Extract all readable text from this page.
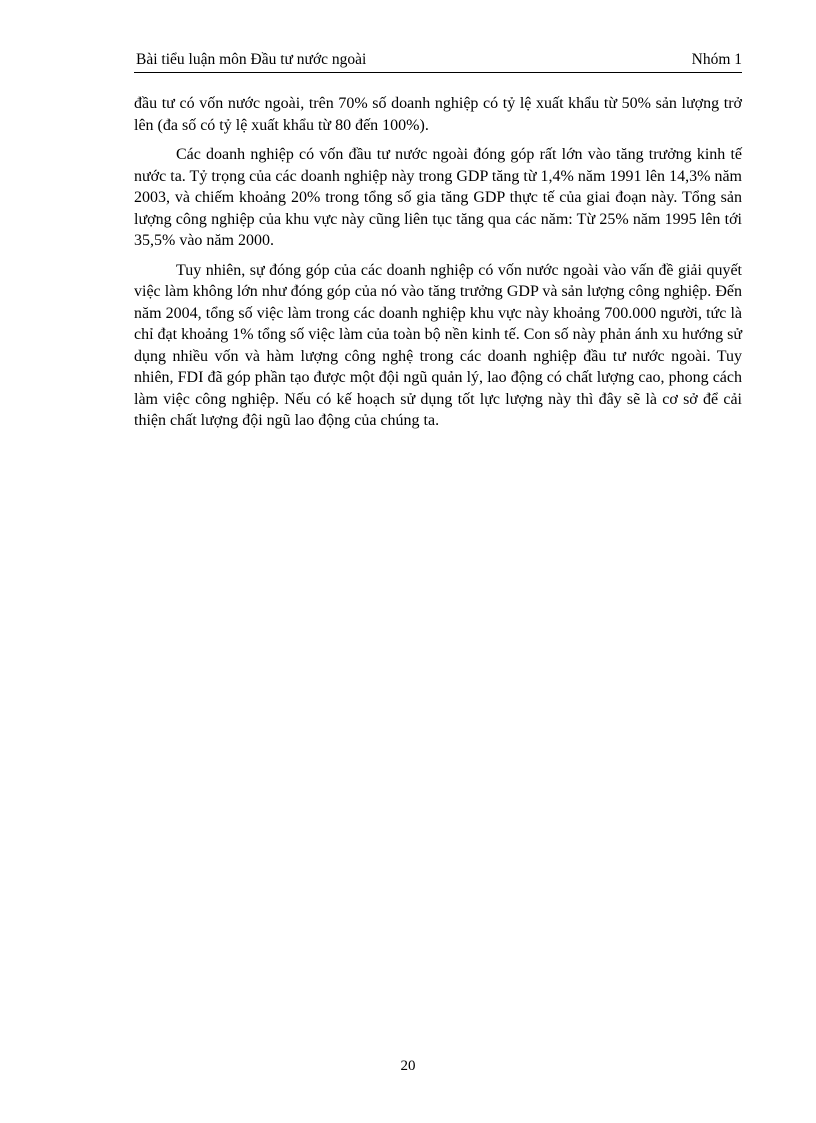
Bài tiểu luận môn Đầu tư nước ngoài	Nhóm 1

đầu tư có vốn nước ngoài, trên 70% số doanh nghiệp có tỷ lệ xuất khẩu từ 50% sản lượng trở lên (đa số có tỷ lệ xuất khẩu từ 80 đến 100%).

Các doanh nghiệp có vốn đầu tư nước ngoài đóng góp rất lớn vào tăng trưởng kinh tế nước ta. Tỷ trọng của các doanh nghiệp này trong GDP tăng từ 1,4% năm 1991 lên 14,3% năm 2003, và chiếm khoảng 20% trong tổng số gia tăng GDP thực tế của giai đoạn này. Tổng sản lượng công nghiệp của khu vực này cũng liên tục tăng qua các năm: Từ 25% năm 1995 lên tới 35,5% vào năm 2000.

Tuy nhiên, sự đóng góp của các doanh nghiệp có vốn nước ngoài vào vấn đề giải quyết việc làm không lớn như đóng góp của nó vào tăng trưởng GDP và sản lượng công nghiệp. Đến năm 2004, tổng số việc làm trong các doanh nghiệp khu vực này khoảng 700.000 người, tức là chỉ đạt khoảng 1% tổng số việc làm của toàn bộ nền kinh tế. Con số này phản ánh xu hướng sử dụng nhiều vốn và hàm lượng công nghệ trong các doanh nghiệp đầu tư nước ngoài. Tuy nhiên, FDI đã góp phần tạo được một đội ngũ quản lý, lao động có chất lượng cao, phong cách làm việc công nghiệp. Nếu có kế hoạch sử dụng tốt lực lượng này thì đây sẽ là cơ sở để cải thiện chất lượng đội ngũ lao động của chúng ta.

20
